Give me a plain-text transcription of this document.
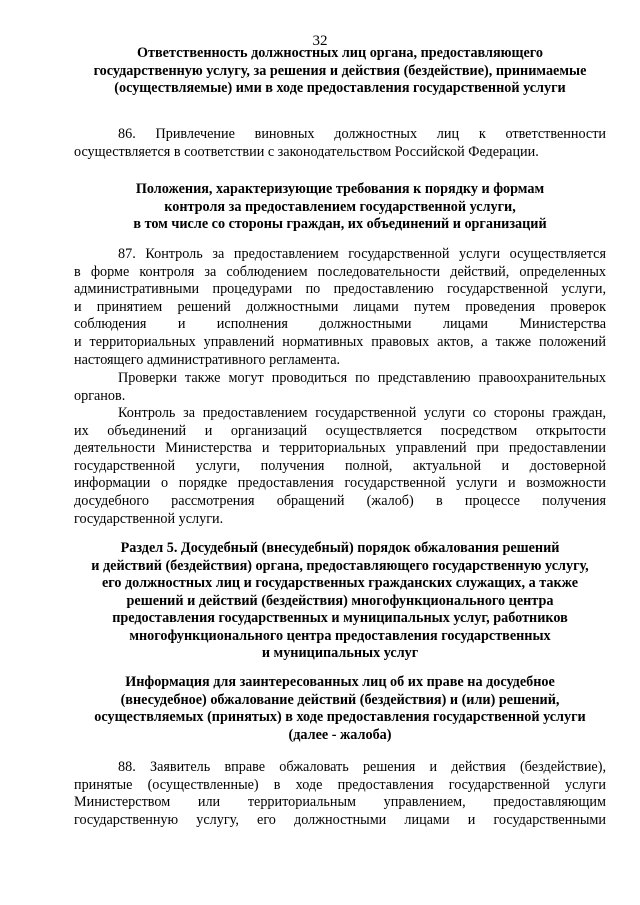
32
Ответственность должностных лиц органа, предоставляющего
государственную услугу, за решения и действия (бездействие), принимаемые
(осуществляемые) ими в ходе предоставления государственной услуги
86. Привлечение виновных должностных лиц к ответственности
осуществляется в соответствии с законодательством Российской Федерации.
Положения, характеризующие требования к порядку и формам
контроля за предоставлением государственной услуги,
в том числе со стороны граждан, их объединений и организаций
87. Контроль за предоставлением государственной услуги осуществляется
в форме контроля за соблюдением последовательности действий, определенных
административными процедурами по предоставлению государственной услуги,
и принятием решений должностными лицами путем проведения проверок
соблюдения и исполнения должностными лицами Министерства
и территориальных управлений нормативных правовых актов, а также положений
настоящего административного регламента.
Проверки также могут проводиться по представлению правоохранительных
органов.
Контроль за предоставлением государственной услуги со стороны граждан,
их объединений и организаций осуществляется посредством открытости
деятельности Министерства и территориальных управлений при предоставлении
государственной услуги, получения полной, актуальной и достоверной
информации о порядке предоставления государственной услуги и возможности
досудебного рассмотрения обращений (жалоб) в процессе получения
государственной услуги.
Раздел 5. Досудебный (внесудебный) порядок обжалования решений
и действий (бездействия) органа, предоставляющего государственную услугу,
его должностных лиц и государственных гражданских служащих, а также
решений и действий (бездействия) многофункционального центра
предоставления государственных и муниципальных услуг, работников
многофункционального центра предоставления государственных
и муниципальных услуг
Информация для заинтересованных лиц об их праве на досудебное
(внесудебное) обжалование действий (бездействия) и (или) решений,
осуществляемых (принятых) в ходе предоставления государственной услуги
(далее - жалоба)
88. Заявитель вправе обжаловать решения и действия (бездействие),
принятые (осуществленные) в ходе предоставления государственной услуги
Министерством или территориальным управлением, предоставляющим
государственную услугу, его должностными лицами и государственными
